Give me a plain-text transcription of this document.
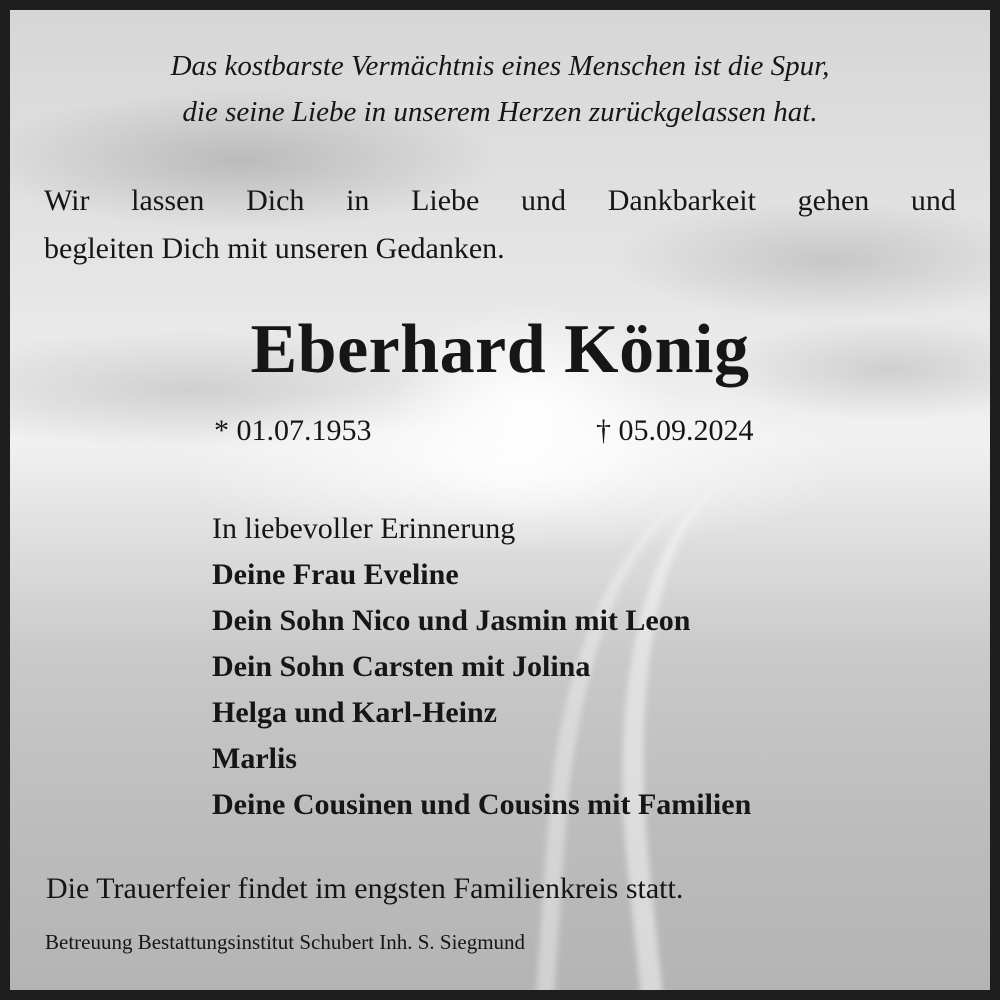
Das kostbarste Vermächtnis eines Menschen ist die Spur,
die seine Liebe in unserem Herzen zurückgelassen hat.
Wir lassen Dich in Liebe und Dankbarkeit gehen und
begleiten Dich mit unseren Gedanken.
Eberhard König
* 01.07.1953	† 05.09.2024
In liebevoller Erinnerung
Deine Frau Eveline
Dein Sohn Nico und Jasmin mit Leon
Dein Sohn Carsten mit Jolina
Helga und Karl-Heinz
Marlis
Deine Cousinen und Cousins mit Familien
Die Trauerfeier findet im engsten Familienkreis statt.
Betreuung Bestattungsinstitut Schubert Inh. S. Siegmund
